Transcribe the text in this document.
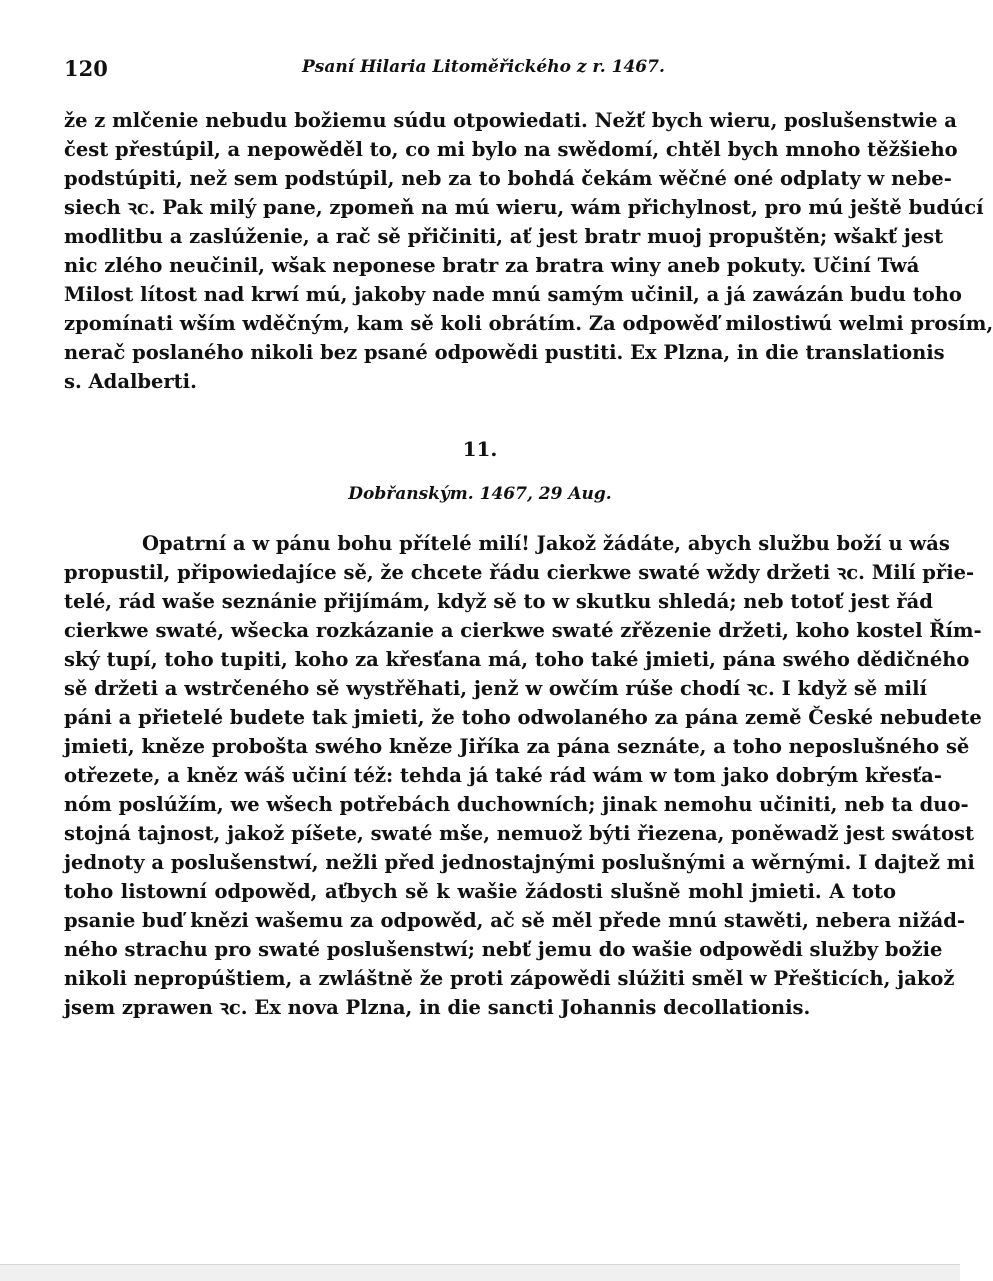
120	Psaní Hilaria Litoměřického z r. 1467.
že z mlčenie nebudu božiemu súdu otpowiedati. Nežť bych wieru, poslušenstwie a
čest přestúpil, a nepowěděl to, co mi bylo na swědomí, chtěl bych mnoho těžšieho
podstúpiti, než sem podstúpil, neb za to bohdá čekám wěčné oné odplaty w nebe-
siech ꝛc. Pak milý pane, zpomeň na mú wieru, wám přichylnost, pro mú ještě budúcí
modlitbu a zaslúženie, a rač sě přičiniti, ať jest bratr muoj propuštěn; wšakť jest
nic zlého neučinil, wšak neponese bratr za bratra winy aneb pokuty. Učiní Twá
Milost lítost nad krwí mú, jakoby nade mnú samým učinil, a já zawázán budu toho
zpomínati wším wděčným, kam sě koli obrátím. Za odpowěď milostiwú welmi prosím,
nerač poslaného nikoli bez psané odpowědi pustiti. Ex Plzna, in die translationis
s. Adalberti.
11.
Dobřanským. 1467, 29 Aug.
Opatrní a w pánu bohu přítelé milí! Jakož žádáte, abych službu boží u wás
propustil, připowiedajíce sě, že chcete řádu cierkwe swaté wždy držeti ꝛc. Milí přie-
telé, rád waše seznánie přijímám, když sě to w skutku shledá; neb totoť jest řád
cierkwe swaté, wšecka rozkázanie a cierkwe swaté zřězenie držeti, koho kostel Řím-
ský tupí, toho tupiti, koho za křesťana má, toho také jmieti, pána swého dědičného
sě držeti a wstrčeného sě wystřěhati, jenž w owčím rúše chodí ꝛc. I když sě milí
páni a přietelé budete tak jmieti, že toho odwolaného za pána země České nebudete
jmieti, kněze probošta swého kněze Jiříka za pána seznáte, a toho neposlušného sě
otřezete, a kněz wáš učiní též: tehda já také rád wám w tom jako dobrým křesťa-
nóm poslúžím, we wšech potřebách duchowních; jinak nemohu učiniti, neb ta duo-
stojná tajnost, jakož píšete, swaté mše, nemuož býti řiezena, poněwadž jest swátost
jednoty a poslušenstwí, nežli před jednostajnými poslušnými a wěrnými. I dajtež mi
toho listowní odpowěd, aťbych sě k wašie žádosti slušně mohl jmieti. A toto
psanie buď knězi wašemu za odpowěd, ač sě měl přede mnú stawěti, nebera nižád-
ného strachu pro swaté poslušenstwí; nebť jemu do wašie odpowědi služby božie
nikoli nepropúštiem, a zwláštně že proti zápowědi slúžiti směl w Přešticích, jakož
jsem zprawen ꝛc. Ex nova Plzna, in die sancti Johannis decollationis.
